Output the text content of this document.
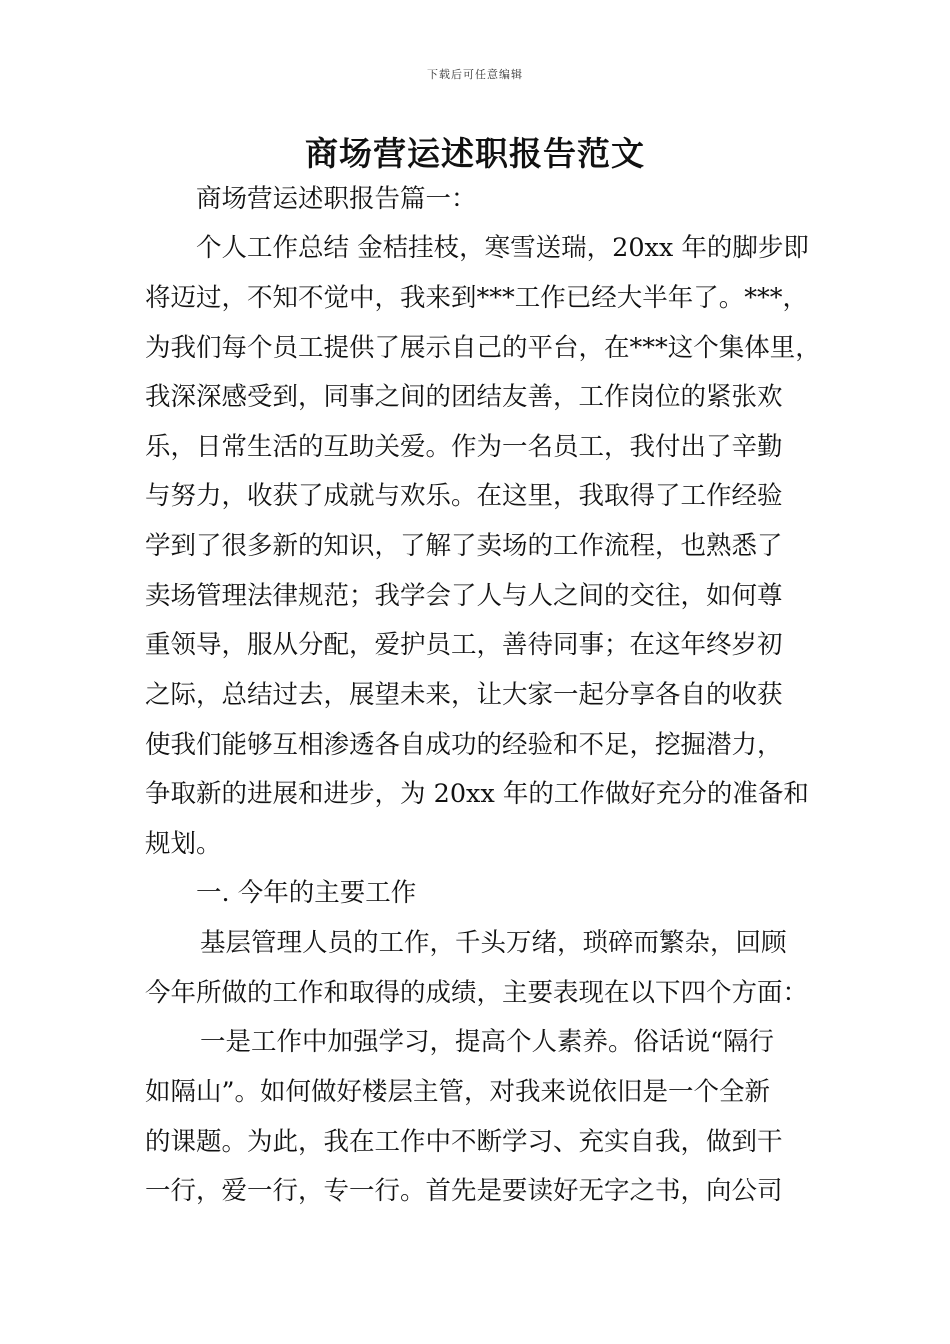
下载后可任意编辑
商场营运述职报告范文
商场营运述职报告篇一：
个人工作总结 金桔挂枝，寒雪送瑞，20xx 年的脚步即
将迈过，不知不觉中，我来到***工作已经大半年了。***，
为我们每个员工提供了展示自己的平台，在***这个集体里，
我深深感受到，同事之间的团结友善，工作岗位的紧张欢
乐，日常生活的互助关爱。作为一名员工，我付出了辛勤
与努力，收获了成就与欢乐。在这里，我取得了工作经验
学到了很多新的知识，了解了卖场的工作流程，也熟悉了
卖场管理法律规范；我学会了人与人之间的交往，如何尊
重领导，服从分配，爱护员工，善待同事；在这年终岁初
之际，总结过去，展望未来，让大家一起分享各自的收获
使我们能够互相渗透各自成功的经验和不足，挖掘潜力，
争取新的进展和进步，为 20xx 年的工作做好充分的准备和
规划。
一. 今年的主要工作
基层管理人员的工作，千头万绪，琐碎而繁杂，回顾
今年所做的工作和取得的成绩，主要表现在以下四个方面：
一是工作中加强学习，提高个人素养。俗话说“隔行
如隔山”。如何做好楼层主管，对我来说依旧是一个全新
的课题。为此，我在工作中不断学习、充实自我，做到干
一行，爱一行，专一行。首先是要读好无字之书，向公司
